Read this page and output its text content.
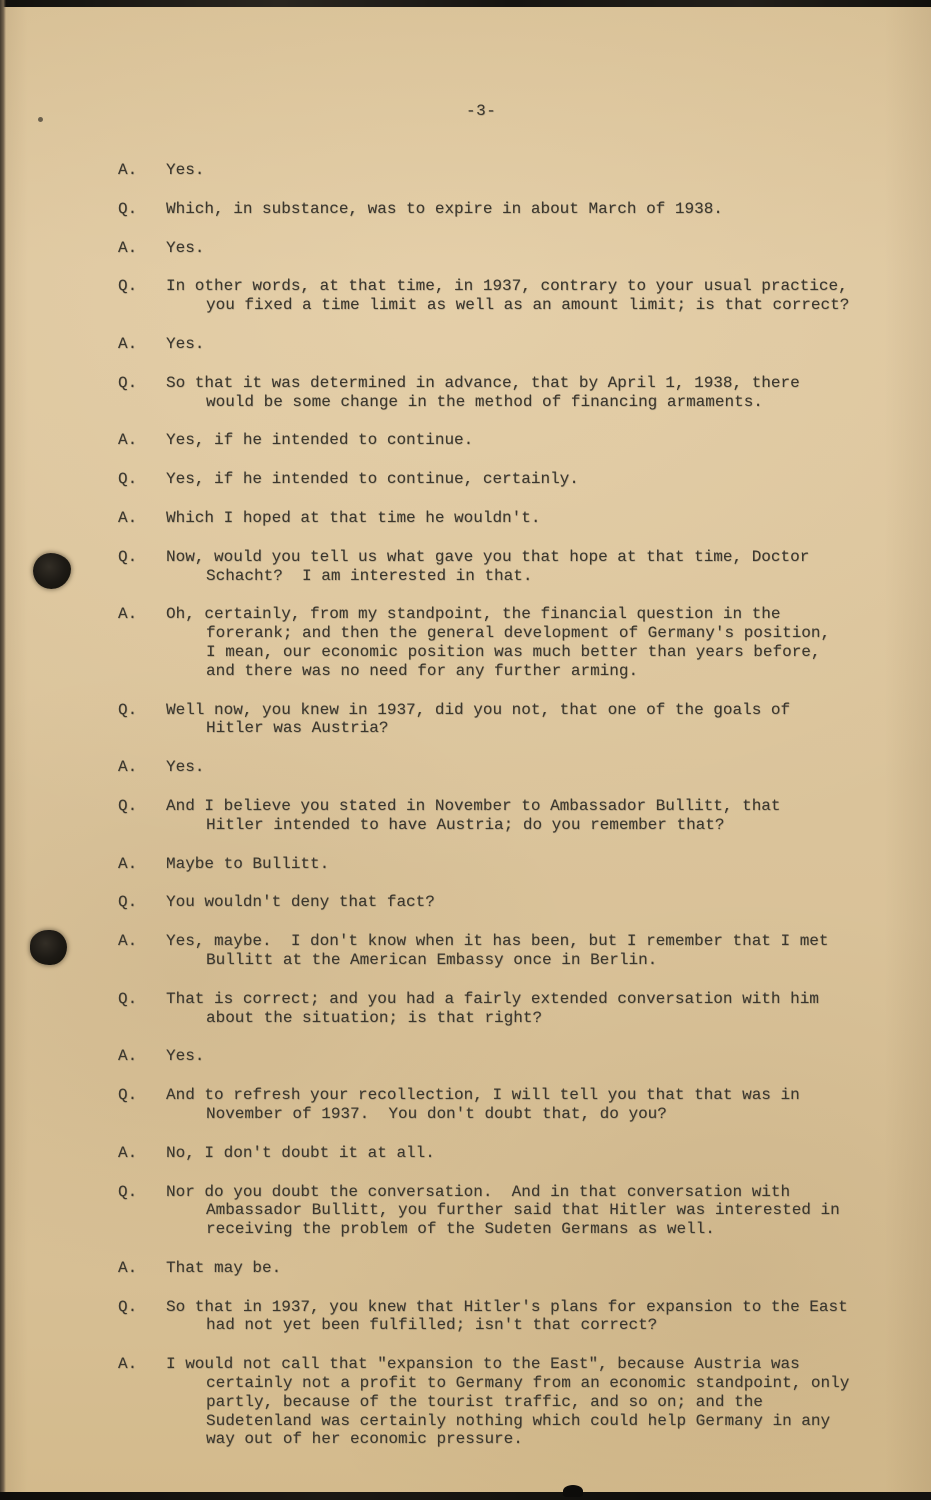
-3-
A.	Yes.
Q.	Which, in substance, was to expire in about March of 1938.
A.	Yes.
Q.	In other words, at that time, in 1937, contrary to your usual practice,
you fixed a time limit as well as an amount limit; is that correct?
A.	Yes.
Q.	So that it was determined in advance, that by April 1, 1938, there
would be some change in the method of financing armaments.
A.	Yes, if he intended to continue.
Q.	Yes, if he intended to continue, certainly.
A.	Which I hoped at that time he wouldn't.
Q.	Now, would you tell us what gave you that hope at that time, Doctor
Schacht?  I am interested in that.
A.	Oh, certainly, from my standpoint, the financial question in the
forerank; and then the general development of Germany's position,
I mean, our economic position was much better than years before,
and there was no need for any further arming.
Q.	Well now, you knew in 1937, did you not, that one of the goals of
Hitler was Austria?
A.	Yes.
Q.	And I believe you stated in November to Ambassador Bullitt, that
Hitler intended to have Austria; do you remember that?
A.	Maybe to Bullitt.
Q.	You wouldn't deny that fact?
A.	Yes, maybe.  I don't know when it has been, but I remember that I met
Bullitt at the American Embassy once in Berlin.
Q.	That is correct; and you had a fairly extended conversation with him
about the situation; is that right?
A.	Yes.
Q.	And to refresh your recollection, I will tell you that that was in
November of 1937.  You don't doubt that, do you?
A.	No, I don't doubt it at all.
Q.	Nor do you doubt the conversation.  And in that conversation with
Ambassador Bullitt, you further said that Hitler was interested in
receiving the problem of the Sudeten Germans as well.
A.	That may be.
Q.	So that in 1937, you knew that Hitler's plans for expansion to the East
had not yet been fulfilled; isn't that correct?
A.	I would not call that "expansion to the East", because Austria was
certainly not a profit to Germany from an economic standpoint, only
partly, because of the tourist traffic, and so on; and the
Sudetenland was certainly nothing which could help Germany in any
way out of her economic pressure.
